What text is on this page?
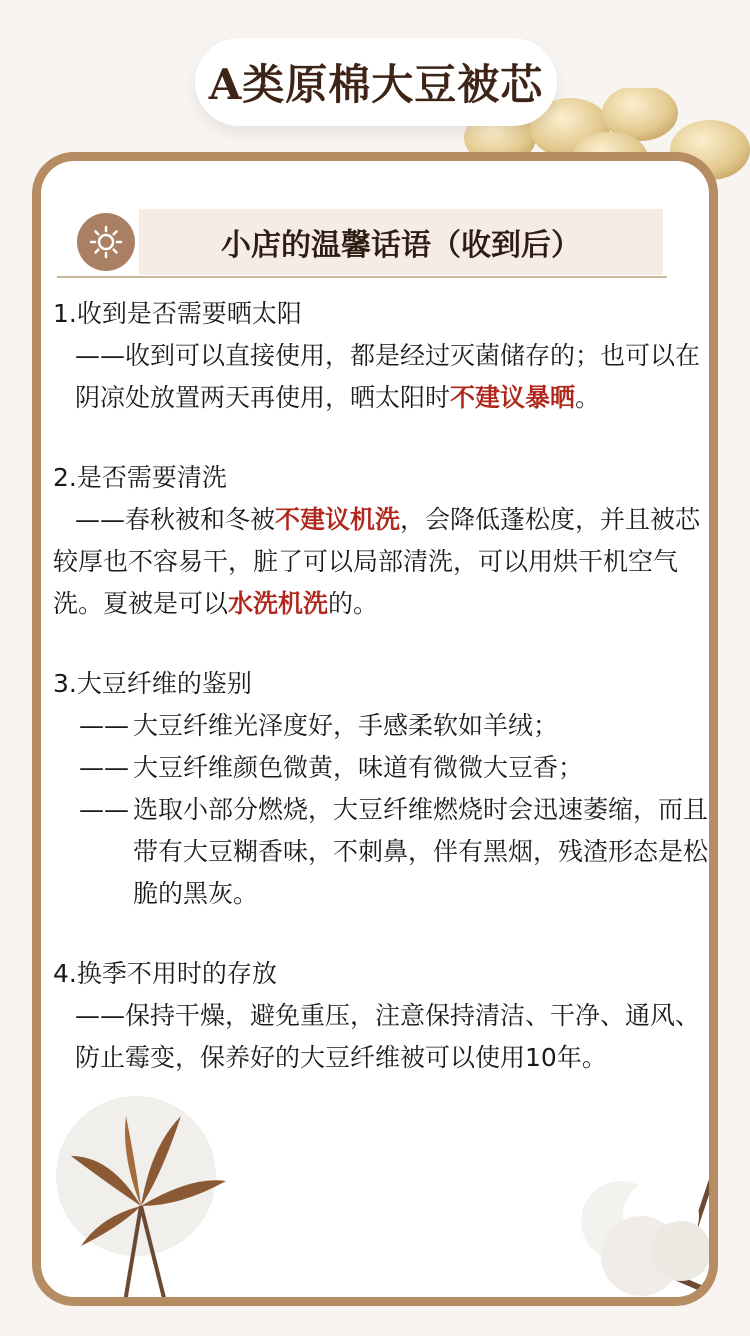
A类原棉大豆被芯
小店的温馨话语（收到后）
1.收到是否需要晒太阳
——收到可以直接使用，都是经过灭菌储存的；也可以在阴凉处放置两天再使用，晒太阳时不建议暴晒。
2.是否需要清洗
——春秋被和冬被不建议机洗，会降低蓬松度，并且被芯较厚也不容易干，脏了可以局部清洗，可以用烘干机空气洗。夏被是可以水洗机洗的。
3.大豆纤维的鉴别
—— 大豆纤维光泽度好，手感柔软如羊绒；
—— 大豆纤维颜色微黄，味道有微微大豆香；
—— 选取小部分燃烧，大豆纤维燃烧时会迅速萎缩，而且带有大豆糊香味，不刺鼻，伴有黑烟，残渣形态是松脆的黑灰。
4.换季不用时的存放
——保持干燥，避免重压，注意保持清洁、干净、通风、防止霉变，保养好的大豆纤维被可以使用10年。
